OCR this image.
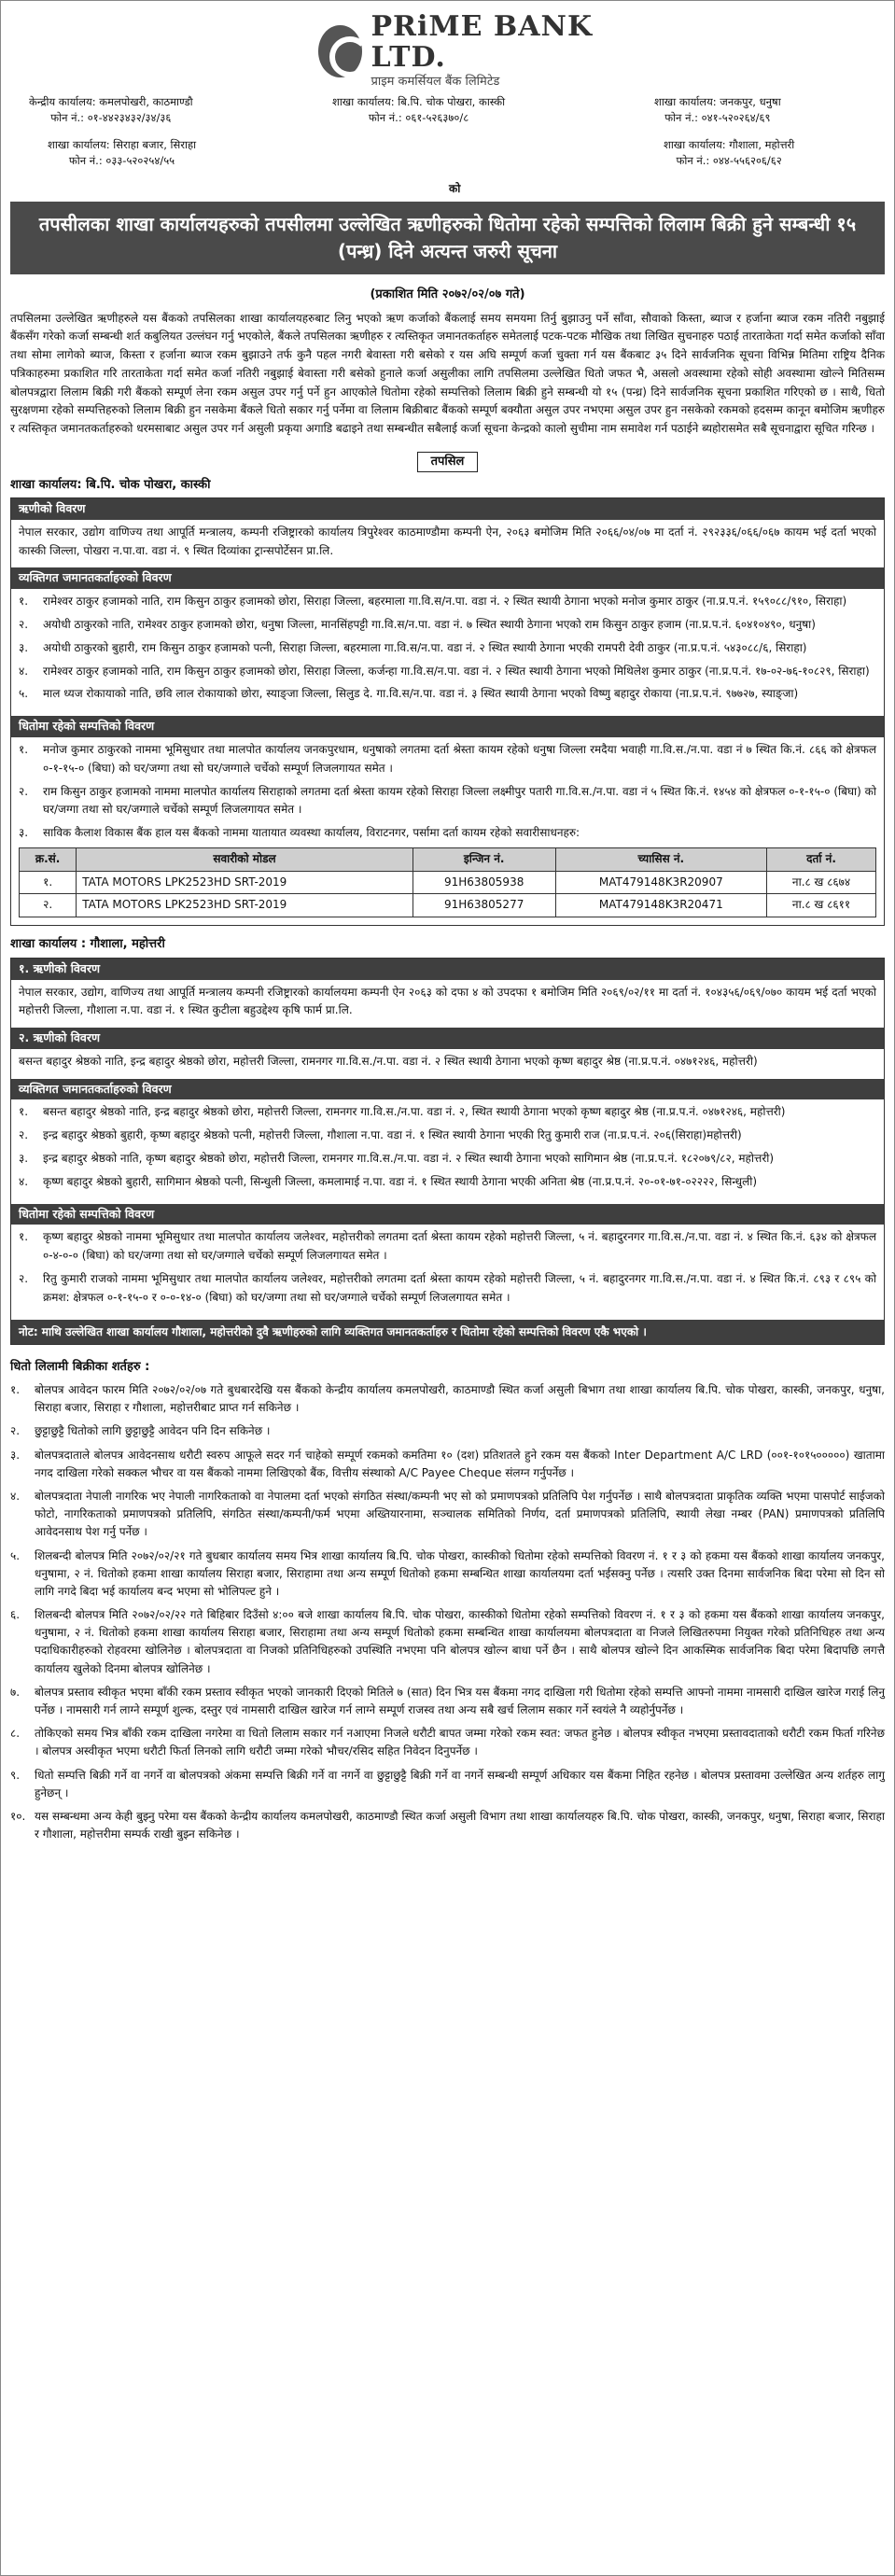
PRiME BANK LTD.
प्राइम कमर्सियल बैंक लिमिटेड
केन्द्रीय कार्यालय: कमलपोखरी, काठमाण्डौ
फोन नं.: ०१-४४२३४३२/३४/३६
शाखा कार्यालय: बि.पि. चोक पोखरा, कास्की
फोन नं.: ०६१-५२६३७०/८
शाखा कार्यालय: जनकपुर, धनुषा
फोन नं.: ०४१-५२०२६४/६९
शाखा कार्यालय: सिराहा बजार, सिराहा
फोन नं.: ०३३-५२०२५४/५५
शाखा कार्यालय: गौशाला, महोत्तरी
फोन नं.: ०४४-५५६२०६/६२
को
तपसीलका शाखा कार्यालयहरुको तपसीलमा उल्लेखित ऋणीहरुको धितोमा रहेको सम्पत्तिको लिलाम बिक्री हुने सम्बन्धी १५ (पन्ध्र) दिने अत्यन्त जरुरी सूचना
(प्रकाशित मिति २०७२/०२/०७ गते)
तपसिलमा उल्लेखित ऋणीहरुले यस बैंकको तपसिलका शाखा कार्यालयहरुबाट लिनु भएको ऋण कर्जाको बैंकलाई समय समयमा तिर्नु बुझाउनु पर्ने साँवा, सौवाको किस्ता, ब्याज र हर्जाना ब्याज रकम नतिरी नबुझाई बैंकसँग गरेको कर्जा सम्बन्धी शर्त कबुलियत उल्लंघन गर्नु भएकोले, बैंकले तपसिलका ऋणीहरु र त्यस्तिकृत जमानतकर्ताहरु समेतलाई पटक-पटक मौखिक तथा लिखित सुचनाहरु पठाई तारताकेता गर्दा समेत कर्जाको साँवा तथा सोमा लागेको ब्याज, किस्ता र हर्जाना ब्याज रकम बुझाउने तर्फ कुनै पहल नगरी बेवास्ता गरी बसेको र यस अघि सम्पूर्ण कर्जा चुक्ता गर्न यस बैंकबाट ३५ दिने सार्वजनिक सूचना विभिन्न मितिमा राष्ट्रिय दैनिक पत्रिकाहरुमा प्रकाशित गरि तारताकेता गर्दा समेत कर्जा नतिरी नबुझाई बेवास्ता गरी बसेको हुनाले कर्जा असुलीका लागि तपसिलमा उल्लेखित धितो जफत भै, असलो अवस्थामा रहेको सोही अवस्थामा खोल्ने मितिसम्म बोलपत्रद्वारा लिलाम बिक्री गरी बैंकको सम्पूर्ण लेना रकम असुल उपर गर्नु पर्ने हुन आएकोले धितोमा रहेको सम्पत्तिको लिलाम बिक्री हुने सम्बन्धी यो १५ (पन्ध्र) दिने सार्वजनिक सूचना प्रकाशित गरिएको छ । साथै, धितो सुरक्षणमा रहेको सम्पत्तिहरुको लिलाम बिक्री हुन नसकेमा बैंकले धितो सकार गर्नु पर्नेमा वा लिलाम बिक्रीबाट बैंकको सम्पूर्ण बक्यौता असुल उपर नभएमा असुल उपर हुन नसकेको रकमको हदसम्म कानून बमोजिम ऋणीहरु र त्यस्तिकृत जमानतकर्ताहरुको धरमसाबाट असुल उपर गर्न असुली प्रकृया अगाडि बढाइने तथा सम्बन्धीत सबैलाई कर्जा सूचना केन्द्रको कालो सुचीमा नाम समावेश गर्न पठाईने ब्यहोरासमेत सबै सूचनाद्वारा सूचित गरिन्छ ।
तपसिल
शाखा कार्यालय: बि.पि. चोक पोखरा, कास्की
ऋणीको विवरण
नेपाल सरकार, उद्योग वाणिज्य तथा आपूर्ति मन्त्रालय, कम्पनी रजिष्ट्रारको कार्यालय त्रिपुरेश्वर काठमाण्डौमा कम्पनी ऐन, २०६३ बमोजिम मिति २०६६/०४/०७ मा दर्ता नं. २९२३३६/०६६/०६७ कायम भई दर्ता भएको कास्की जिल्ला, पोखरा न.पा.वा. वडा नं. ९ स्थित दिव्यांका ट्रान्सपोर्टेसन प्रा.लि.
व्यक्तिगत जमानतकर्ताहरुको विवरण
१.	रामेश्वर ठाकुर हजामको नाति, राम किसुन ठाकुर हजामको छोरा, सिराहा जिल्ला, बहरमाला गा.वि.स/न.पा. वडा नं. २ स्थित स्थायी ठेगाना भएको मनोज कुमार ठाकुर (ना.प्र.प.नं. १५९०८८/९१०, सिराहा)
२.	अयोधी ठाकुरको नाति, रामेश्वर ठाकुर हजामको छोरा, धनुषा जिल्ला, मानसिंहपट्टी गा.वि.स/न.पा. वडा नं. ७ स्थित स्थायी ठेगाना भएको राम किसुन ठाकुर हजाम (ना.प्र.प.नं. ६०४१०४९०, धनुषा)
३.	अयोधी ठाकुरको बुहारी, राम किसुन ठाकुर हजामको पत्नी, सिराहा जिल्ला, बहरमाला गा.वि.स/न.पा. वडा नं. २ स्थित स्थायी ठेगाना भएकी रामपरी देवी ठाकुर (ना.प्र.प.नं. ५४३०८८/६, सिराहा)
४.	रामेश्वर ठाकुर हजामको नाति, राम किसुन ठाकुर हजामको छोरा, सिराहा जिल्ला, कर्जन्हा गा.वि.स/न.पा. वडा नं. २ स्थित स्थायी ठेगाना भएको मिथिलेश कुमार ठाकुर (ना.प्र.प.नं. १७-०२-७६-१०८२९, सिराहा)
५.	माल ध्यज रोकायाको नाति, छवि लाल रोकायाको छोरा, स्याङ्जा जिल्ला, सिलुड दे. गा.वि.स/न.पा. वडा नं. ३ स्थित स्थायी ठेगाना भएको विष्णु बहादुर रोकाया (ना.प्र.प.नं. ९७७२७, स्याङ्जा)
धितोमा रहेको सम्पत्तिको विवरण
१.	मनोज कुमार ठाकुरको नाममा भूमिसुधार तथा मालपोत कार्यालय जनकपुरधाम, धनुषाको लगतमा दर्ता श्रेस्ता कायम रहेको धनुषा जिल्ला रमदैया भवाही गा.वि.स./न.पा. वडा नं ७ स्थित कि.नं. ८६६ को क्षेत्रफल ०-१-१५-० (बिघा) को घर/जग्गा तथा सो घर/जग्गाले चर्चेको सम्पूर्ण लिजलगायत समेत ।
२.	राम किसुन ठाकुर हजामको नाममा मालपोत कार्यालय सिराहाको लगतमा दर्ता श्रेस्ता कायम रहेको सिराहा जिल्ला लक्ष्मीपुर पतारी गा.वि.स./न.पा. वडा नं ५ स्थित कि.नं. १४५४ को क्षेत्रफल ०-१-१५-० (बिघा) को घर/जग्गा तथा सो घर/जग्गाले चर्चेको सम्पूर्ण लिजलगायत समेत ।
३.	साविक कैलाश विकास बैंक हाल यस बैंकको नाममा यातायात व्यवस्था कार्यालय, विराटनगर, पर्सामा दर्ता कायम रहेको सवारीसाधनहरु:
क्र.सं.	सवारीको मोडल	इन्जिन नं.	च्यासिस नं.	दर्ता नं.
१.	TATA MOTORS LPK2523HD SRT-2019	91H63805938	MAT479148K3R20907	ना.८ ख ८६७४
२.	TATA MOTORS LPK2523HD SRT-2019	91H63805277	MAT479148K3R20471	ना.८ ख ८६११
शाखा कार्यालय : गौशाला, महोत्तरी
१. ऋणीको विवरण
नेपाल सरकार, उद्योग, वाणिज्य तथा आपूर्ति मन्त्रालय कम्पनी रजिष्ट्रारको कार्यालयमा कम्पनी ऐन २०६३ को दफा ४ को उपदफा १ बमोजिम मिति २०६९/०२/११ मा दर्ता नं. १०४३५६/०६९/०७० कायम भई दर्ता भएको महोत्तरी जिल्ला, गौशाला न.पा. वडा नं. १ स्थित कुटीला बहुउद्देश्य कृषि फार्म प्रा.लि.
२. ऋणीको विवरण
बसन्त बहादुर श्रेष्ठको नाति, इन्द्र बहादुर श्रेष्ठको छोरा, महोत्तरी जिल्ला, रामनगर गा.वि.स./न.पा. वडा नं. २ स्थित स्थायी ठेगाना भएको कृष्ण बहादुर श्रेष्ठ (ना.प्र.प.नं. ०४७१२४६, महोत्तरी)
व्यक्तिगत जमानतकर्ताहरुको विवरण
१.	बसन्त बहादुर श्रेष्ठको नाति, इन्द्र बहादुर श्रेष्ठको छोरा, महोत्तरी जिल्ला, रामनगर गा.वि.स./न.पा. वडा नं. २, स्थित स्थायी ठेगाना भएको कृष्ण बहादुर श्रेष्ठ (ना.प्र.प.नं. ०४७१२४६, महोत्तरी)
२.	इन्द्र बहादुर श्रेष्ठको बुहारी, कृष्ण बहादुर श्रेष्ठको पत्नी, महोत्तरी जिल्ला, गौशाला न.पा. वडा नं. १ स्थित स्थायी ठेगाना भएकी रितु कुमारी राज (ना.प्र.प.नं. २०६(सिराहा)महोत्तरी)
३.	इन्द्र बहादुर श्रेष्ठको नाति, कृष्ण बहादुर श्रेष्ठको छोरा, महोत्तरी जिल्ला, रामनगर गा.वि.स./न.पा. वडा नं. २ स्थित स्थायी ठेगाना भएको सागिमान श्रेष्ठ (ना.प्र.प.नं. १८२०७९/८२, महोत्तरी)
४.	कृष्ण बहादुर श्रेष्ठको बुहारी, सागिमान श्रेष्ठको पत्नी, सिन्धुली जिल्ला, कमलामाई न.पा. वडा नं. १ स्थित स्थायी ठेगाना भएकी अनिता श्रेष्ठ (ना.प्र.प.नं. २०-०१-७१-०२२२२, सिन्धुली)
धितोमा रहेको सम्पत्तिको विवरण
१.	कृष्ण बहादुर श्रेष्ठको नाममा भूमिसुधार तथा मालपोत कार्यालय जलेश्वर, महोत्तरीको लगतमा दर्ता श्रेस्ता कायम रहेको महोत्तरी जिल्ला, ५ नं. बहादुरनगर गा.वि.स./न.पा. वडा नं. ४ स्थित कि.नं. ६३४ को क्षेत्रफल ०-४-०-० (बिघा) को घर/जग्गा तथा सो घर/जग्गाले चर्चेको सम्पूर्ण लिजलगायत समेत ।
२.	रितु कुमारी राजको नाममा भूमिसुधार तथा मालपोत कार्यालय जलेश्वर, महोत्तरीको लगतमा दर्ता श्रेस्ता कायम रहेको महोत्तरी जिल्ला, ५ नं. बहादुरनगर गा.वि.स./न.पा. वडा नं. ४ स्थित कि.नं. ८९३ र ८९५ को क्रमश: क्षेत्रफल ०-१-१५-० र ०-०-१४-० (बिघा) को घर/जग्गा तथा सो घर/जग्गाले चर्चेको सम्पूर्ण लिजलगायत समेत ।
नोट: माथि उल्लेखित शाखा कार्यालय गौशाला, महोत्तरीको दुवै ऋणीहरुको लागि व्यक्तिगत जमानतकर्ताहरु र धितोमा रहेको सम्पत्तिको विवरण एकै भएको ।
धितो लिलामी बिक्रीका शर्तहरु :
१.	बोलपत्र आवेदन फारम मिति २०७२/०२/०७ गते बुधबारदेखि यस बैंकको केन्द्रीय कार्यालय कमलपोखरी, काठमाण्डौ स्थित कर्जा असुली बिभाग तथा शाखा कार्यालय बि.पि. चोक पोखरा, कास्की, जनकपुर, धनुषा, सिराहा बजार, सिराहा र गौशाला, महोत्तरीबाट प्राप्त गर्न सकिनेछ ।
२.	छुट्टाछुट्टै धितोको लागि छुट्टाछुट्टै आवेदन पनि दिन सकिनेछ ।
३.	बोलपत्रदाताले बोलपत्र आवेदनसाथ धरौटी स्वरुप आफूले सदर गर्न चाहेको सम्पूर्ण रकमको कमतिमा १० (दश) प्रतिशतले हुने रकम यस बैंकको Inter Department A/C LRD (००१-१०१५०००००) खातामा नगद दाखिला गरेको सक्कल भौचर वा यस बैंकको नाममा लिखिएको बैंक, वित्तीय संस्थाको A/C Payee Cheque संलग्न गर्नुपर्नेछ ।
४.	बोलपत्रदाता नेपाली नागरिक भए नेपाली नागरिकताको वा नेपालमा दर्ता भएको संगठित संस्था/कम्पनी भए सो को प्रमाणपत्रको प्रतिलिपि पेश गर्नुपर्नेछ । साथै बोलपत्रदाता प्राकृतिक व्यक्ति भएमा पासपोर्ट साईजको फोटो, नागरिकताको प्रमाणपत्रको प्रतिलिपि, संगठित संस्था/कम्पनी/फर्म भएमा अख्तियारनामा, सञ्चालक समितिको निर्णय, दर्ता प्रमाणपत्रको प्रतिलिपि, स्थायी लेखा नम्बर (PAN) प्रमाणपत्रको प्रतिलिपि आवेदनसाथ पेश गर्नु पर्नेछ ।
५.	शिलबन्दी बोलपत्र मिति २०७२/०२/२१ गते बुधबार कार्यालय समय भित्र शाखा कार्यालय बि.पि. चोक पोखरा, कास्कीको धितोमा रहेको सम्पत्तिको विवरण नं. १ र ३ को हकमा यस बैंकको शाखा कार्यालय जनकपुर, धनुषामा, २ नं. धितोको हकमा शाखा कार्यालय सिराहा बजार, सिराहामा तथा अन्य सम्पूर्ण धितोको हकमा सम्बन्धित शाखा कार्यालयमा दर्ता भईसक्नु पर्नेछ । त्यसरि उक्त दिनमा सार्वजनिक बिदा परेमा सो दिन सो लागि नगदे बिदा भई कार्यालय बन्द भएमा सो भोलिपल्ट हुने ।
६.	शिलबन्दी बोलपत्र मिति २०७२/०२/२२ गते बिहिबार दिउँसो ४:०० बजे शाखा कार्यालय बि.पि. चोक पोखरा, कास्कीको धितोमा रहेको सम्पत्तिको विवरण नं. १ र ३ को हकमा यस बैंकको शाखा कार्यालय जनकपुर, धनुषामा, २ नं. धितोको हकमा शाखा कार्यालय सिराहा बजार, सिराहामा तथा अन्य सम्पूर्ण धितोको हकमा सम्बन्धित शाखा कार्यालयमा बोलपत्रदाता वा निजले लिखितरुपमा नियुक्त गरेको प्रतिनिधिहरु तथा अन्य पदाधिकारीहरुको रोहवरमा खोलिनेछ । बोलपत्रदाता वा निजको प्रतिनिधिहरुको उपस्थिति नभएमा पनि बोलपत्र खोल्न बाधा पर्ने छैन । साथै बोलपत्र खोल्ने दिन आकस्मिक सार्वजनिक बिदा परेमा बिदापछि लगत्तै कार्यालय खुलेको दिनमा बोलपत्र खोलिनेछ ।
७.	बोलपत्र प्रस्ताव स्वीकृत भएमा बाँकी रकम प्रस्ताव स्वीकृत भएको जानकारी दिएको मितिले ७ (सात) दिन भित्र यस बैंकमा नगद दाखिला गरी धितोमा रहेको सम्पत्ति आफ्नो नाममा नामसारी दाखिल खारेज गराई लिनु पर्नेछ । नामसारी गर्न लाग्ने सम्पूर्ण शुल्क, दस्तुर एवं नामसारी दाखिल खारेज गर्न लाग्ने सम्पूर्ण राजस्व तथा अन्य सबै खर्च लिलाम सकार गर्ने स्वयंले नै व्यहोर्नुपर्नेछ ।
८.	तोकिएको समय भित्र बाँकी रकम दाखिला नगरेमा वा धितो लिलाम सकार गर्न नआएमा निजले धरौटी बापत जम्मा गरेको रकम स्वत: जफत हुनेछ । बोलपत्र स्वीकृत नभएमा प्रस्तावदाताको धरौटी रकम फिर्ता गरिनेछ । बोलपत्र अस्वीकृत भएमा धरौटी फिर्ता लिनको लागि धरौटी जम्मा गरेको भौचर/रसिद सहित निवेदन दिनुपर्नेछ ।
९.	धितो सम्पत्ति बिक्री गर्ने वा नगर्ने वा बोलपत्रको अंकमा सम्पत्ति बिक्री गर्ने वा नगर्ने वा छुट्टाछुट्टै बिक्री गर्ने वा नगर्ने सम्बन्धी सम्पूर्ण अधिकार यस बैंकमा निहित रहनेछ । बोलपत्र प्रस्तावमा उल्लेखित अन्य शर्तहरु लागु हुनेछन् ।
१०. यस सम्बन्धमा अन्य केही बुझ्नु परेमा यस बैंकको केन्द्रीय कार्यालय कमलपोखरी, काठमाण्डौ स्थित कर्जा असुली विभाग तथा शाखा कार्यालयहरु बि.पि. चोक पोखरा, कास्की, जनकपुर, धनुषा, सिराहा बजार, सिराहा र गौशाला, महोत्तरीमा सम्पर्क राखी बुझ्न सकिनेछ ।
